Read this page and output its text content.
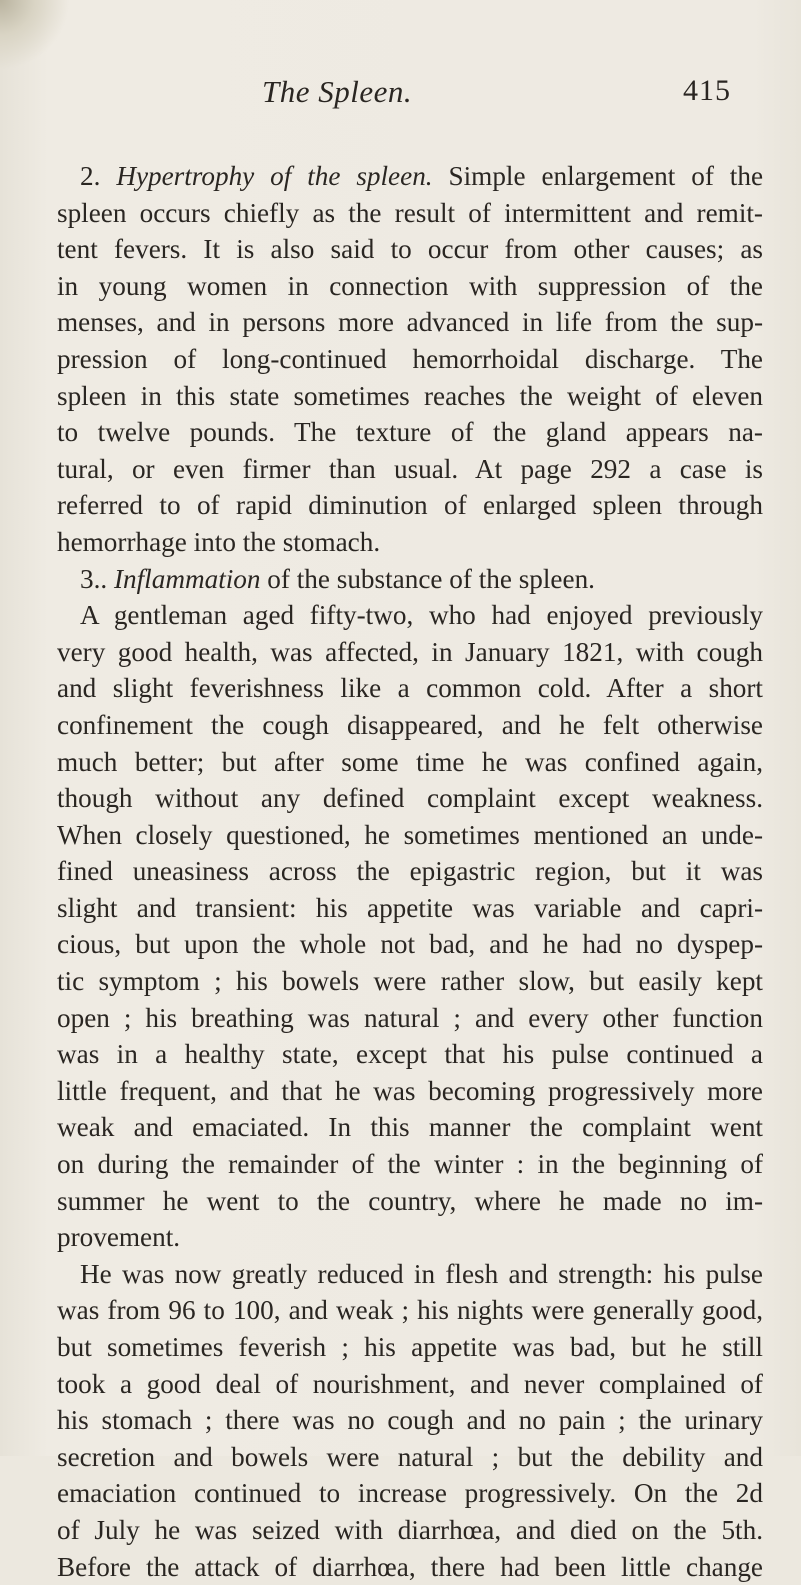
The Spleen.	415
2. Hypertrophy of the spleen. Simple enlargement of the
spleen occurs chiefly as the result of intermittent and remit-
tent fevers. It is also said to occur from other causes; as
in young women in connection with suppression of the
menses, and in persons more advanced in life from the sup-
pression of long-continued hemorrhoidal discharge. The
spleen in this state sometimes reaches the weight of eleven
to twelve pounds. The texture of the gland appears na-
tural, or even firmer than usual. At page 292 a case is
referred to of rapid diminution of enlarged spleen through
hemorrhage into the stomach.
3.. Inflammation of the substance of the spleen.
A gentleman aged fifty-two, who had enjoyed previously
very good health, was affected, in January 1821, with cough
and slight feverishness like a common cold. After a short
confinement the cough disappeared, and he felt otherwise
much better; but after some time he was confined again,
though without any defined complaint except weakness.
When closely questioned, he sometimes mentioned an unde-
fined uneasiness across the epigastric region, but it was
slight and transient: his appetite was variable and capri-
cious, but upon the whole not bad, and he had no dyspep-
tic symptom ; his bowels were rather slow, but easily kept
open ; his breathing was natural ; and every other function
was in a healthy state, except that his pulse continued a
little frequent, and that he was becoming progressively more
weak and emaciated. In this manner the complaint went
on during the remainder of the winter : in the beginning of
summer he went to the country, where he made no im-
provement.
He was now greatly reduced in flesh and strength: his pulse
was from 96 to 100, and weak ; his nights were generally good,
but sometimes feverish ; his appetite was bad, but he still
took a good deal of nourishment, and never complained of
his stomach ; there was no cough and no pain ; the urinary
secretion and bowels were natural ; but the debility and
emaciation continued to increase progressively. On the 2d
of July he was seized with diarrhœa, and died on the 5th.
Before the attack of diarrhœa, there had been little change
